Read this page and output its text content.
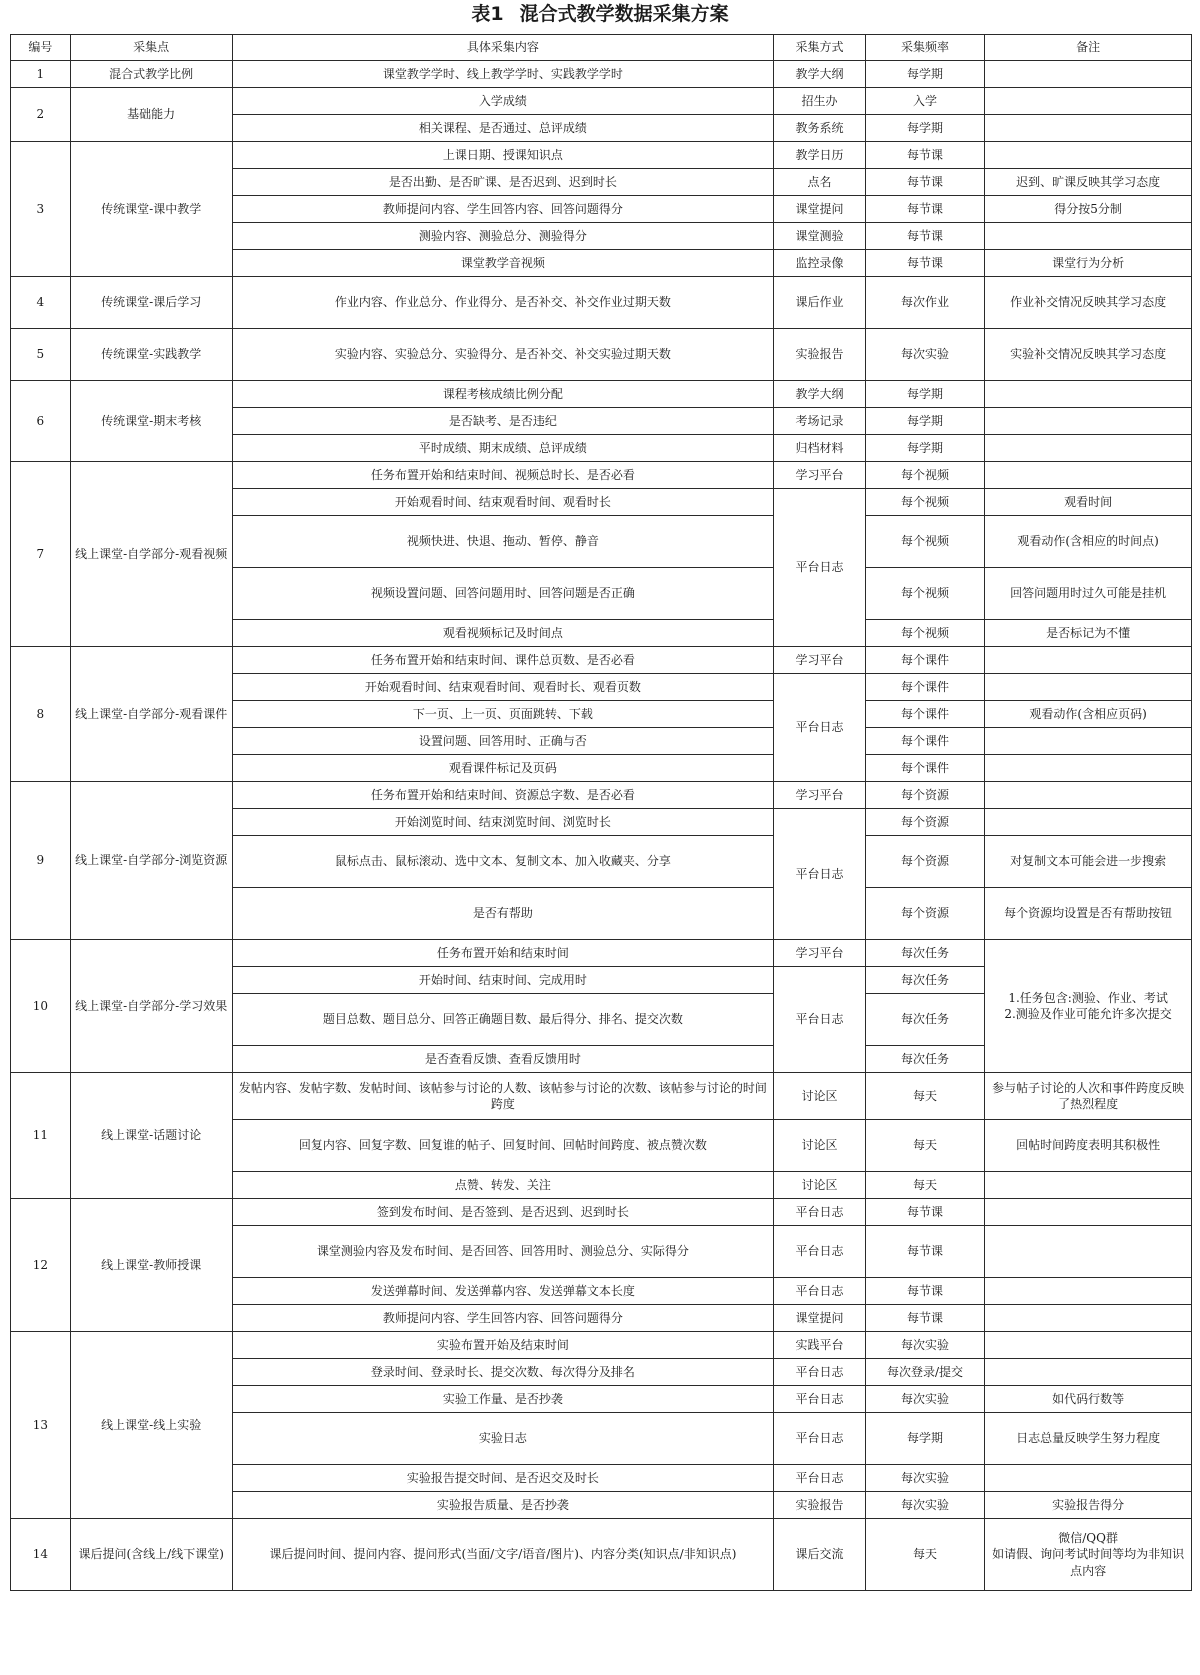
表1 混合式教学数据采集方案
编号	采集点	具体采集内容	采集方式	采集频率	备注
1	混合式教学比例	课堂教学学时、线上教学学时、实践教学学时	教学大纲	每学期	
2	基础能力	入学成绩	招生办	入学	
		相关课程、是否通过、总评成绩	教务系统	每学期	
3	传统课堂-课中教学	上课日期、授课知识点	教学日历	每节课	
		是否出勤、是否旷课、是否迟到、迟到时长	点名	每节课	迟到、旷课反映其学习态度
		教师提问内容、学生回答内容、回答问题得分	课堂提问	每节课	得分按5分制
		测验内容、测验总分、测验得分	课堂测验	每节课	
		课堂教学音视频	监控录像	每节课	课堂行为分析
4	传统课堂-课后学习	作业内容、作业总分、作业得分、是否补交、补交作业过期天数	课后作业	每次作业	作业补交情况反映其学习态度
5	传统课堂-实践教学	实验内容、实验总分、实验得分、是否补交、补交实验过期天数	实验报告	每次实验	实验补交情况反映其学习态度
6	传统课堂-期末考核	课程考核成绩比例分配	教学大纲	每学期	
		是否缺考、是否违纪	考场记录	每学期	
		平时成绩、期末成绩、总评成绩	归档材料	每学期	
7	线上课堂-自学部分-观看视频	任务布置开始和结束时间、视频总时长、是否必看	学习平台	每个视频	
		开始观看时间、结束观看时间、观看时长	平台日志	每个视频	观看时间
		视频快进、快退、拖动、暂停、静音		每个视频	观看动作(含相应的时间点)
		视频设置问题、回答问题用时、回答问题是否正确		每个视频	回答问题用时过久可能是挂机
		观看视频标记及时间点		每个视频	是否标记为不懂
8	线上课堂-自学部分-观看课件	任务布置开始和结束时间、课件总页数、是否必看	学习平台	每个课件	
		开始观看时间、结束观看时间、观看时长、观看页数	平台日志	每个课件	
		下一页、上一页、页面跳转、下载		每个课件	观看动作(含相应页码)
		设置问题、回答用时、正确与否		每个课件	
		观看课件标记及页码		每个课件	
9	线上课堂-自学部分-浏览资源	任务布置开始和结束时间、资源总字数、是否必看	学习平台	每个资源	
		开始浏览时间、结束浏览时间、浏览时长	平台日志	每个资源	
		鼠标点击、鼠标滚动、选中文本、复制文本、加入收藏夹、分享		每个资源	对复制文本可能会进一步搜索
		是否有帮助		每个资源	每个资源均设置是否有帮助按钮
10	线上课堂-自学部分-学习效果	任务布置开始和结束时间	学习平台	每次任务	1.任务包含:测验、作业、考试
2.测验及作业可能允许多次提交
		开始时间、结束时间、完成用时	平台日志	每次任务	
		题目总数、题目总分、回答正确题目数、最后得分、排名、提交次数		每次任务	
		是否查看反馈、查看反馈用时		每次任务	
11	线上课堂-话题讨论	发帖内容、发帖字数、发帖时间、该帖参与讨论的人数、该帖参与讨论的次数、该帖参与讨论的时间跨度	讨论区	每天	参与帖子讨论的人次和事件跨度反映了热烈程度
		回复内容、回复字数、回复谁的帖子、回复时间、回帖时间跨度、被点赞次数	讨论区	每天	回帖时间跨度表明其积极性
		点赞、转发、关注	讨论区	每天	
12	线上课堂-教师授课	签到发布时间、是否签到、是否迟到、迟到时长	平台日志	每节课	
		课堂测验内容及发布时间、是否回答、回答用时、测验总分、实际得分	平台日志	每节课	
		发送弹幕时间、发送弹幕内容、发送弹幕文本长度	平台日志	每节课	
		教师提问内容、学生回答内容、回答问题得分	课堂提问	每节课	
13	线上课堂-线上实验	实验布置开始及结束时间	实践平台	每次实验	
		登录时间、登录时长、提交次数、每次得分及排名	平台日志	每次登录/提交	
		实验工作量、是否抄袭	平台日志	每次实验	如代码行数等
		实验日志	平台日志	每学期	日志总量反映学生努力程度
		实验报告提交时间、是否迟交及时长	平台日志	每次实验	
		实验报告质量、是否抄袭	实验报告	每次实验	实验报告得分
14	课后提问(含线上/线下课堂)	课后提问时间、提问内容、提问形式(当面/文字/语音/图片)、内容分类(知识点/非知识点)	课后交流	每天	微信/QQ群
如请假、询问考试时间等均为非知识点内容
